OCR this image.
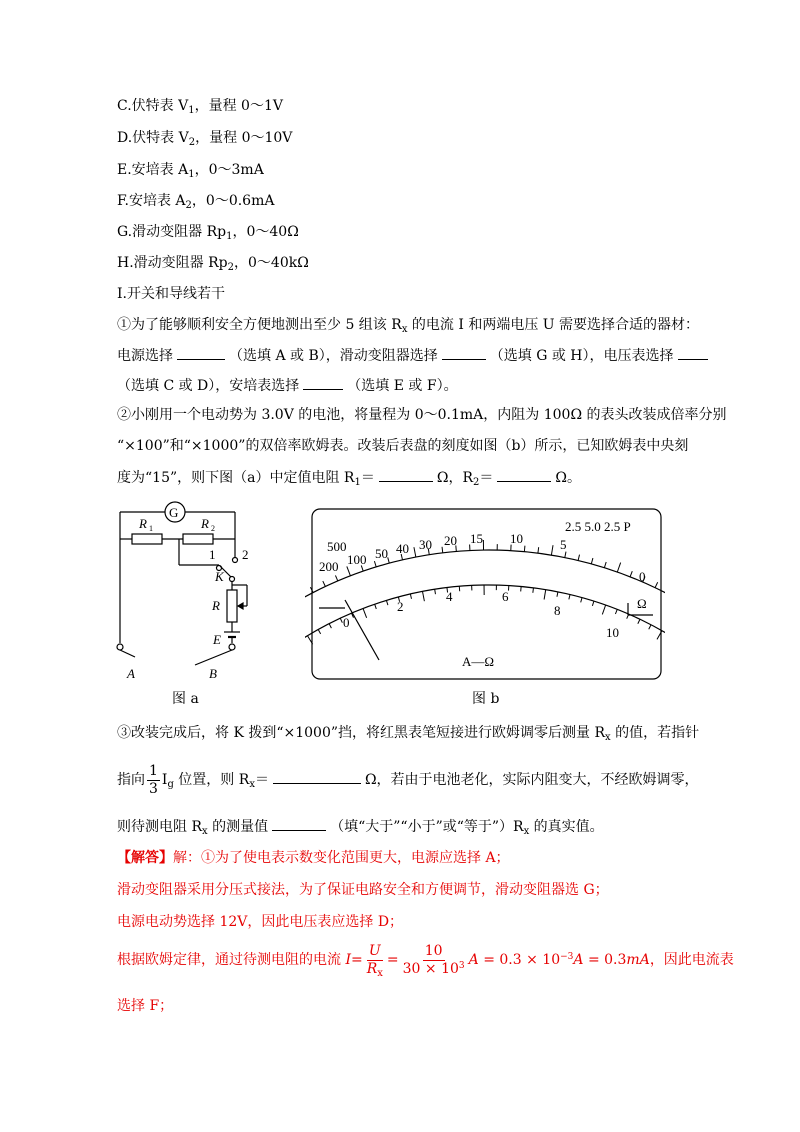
C.伏特表 $V_1$，量程 0～1V
D.伏特表 $V_2$，量程 0～10V
E.安培表 $A_1$，0～3mA
F.安培表 $A_2$，0～0.6mA
G.滑动变阻器 $Rp_1$，0～40Ω
H.滑动变阻器 $Rp_2$，0～40kΩ
I.开关和导线若干
①为了能够顺利安全方便地测出至少 5 组该 $R_x$ 的电流 I 和两端电压 U 需要选择合适的器材：
电源选择	（选填 A 或 B），滑动变阻器选择	（选填 G 或 H），电压表选择
（选填 C 或 D），安培表选择	（选填 E 或 F）。
②小刚用一个电动势为 3.0V 的电池，将量程为 0～0.1mA，内阻为 100Ω 的表头改装成倍率分别
“×100”和“×1000”的双倍率欧姆表。改装后表盘的刻度如图（b）所示，已知欧姆表中央刻
度为“15”，则下图（a）中定值电阻 $R_1=$	Ω，$R_2=$	Ω。
G
R 1	R 2
1 2
K
R
E
A	B
图 a
500
200 100 50 40 30 20 15 10	5
0
0
2
4	6
8
10
2.5 5.0 2.5 P
Ω
A—Ω
图 b
③改装完成后，将 K 拨到“×1000”挡，将红黑表笔短接进行欧姆调零后测量 $R_x$ 的值，若指针
指向 $\frac{1}{3} I_g$ 位置，则 $R_x=$	Ω，若由于电池老化，实际内阻变大，不经欧姆调零，
则待测电阻 $R_x$ 的测量值	（填“大于”“小于”或“等于$”)R_x$ 的真实值。
【解答】解：①为了使电表示数变化范围更大，电源应选择 A；
滑动变阻器采用分压式接法，为了保证电路安全和方便调节，滑动变阻器选 G；
电源电动势选择 12V，因此电压表应选择 D；
根据欧姆定律，通过待测电阻的电流 $I= \frac{U}{R_x} = \frac{10}{30 \times 10^3}$ $A = 0.3 \times 10^{-3}A = 0.3mA$，因此电流表
选择 F；
